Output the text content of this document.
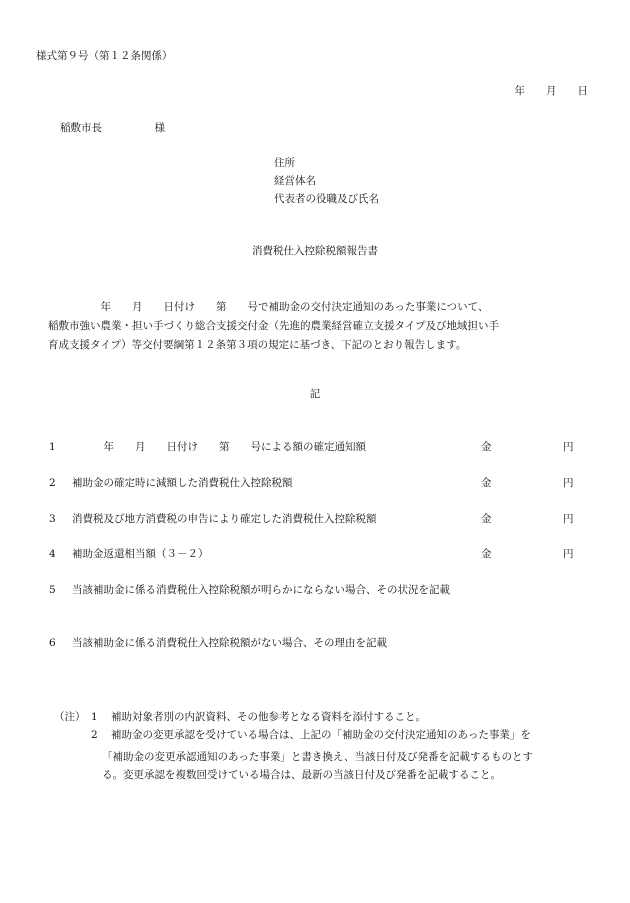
様式第９号（第１２条関係）
年　　月　　日
稲敷市長　　　　　様
住所
経営体名
代表者の役職及び氏名
消費税仕入控除税額報告書
　　　　　年　　月　　日付け　　第　　号で補助金の交付決定通知のあった事業について、
稲敷市強い農業・担い手づくり総合支援交付金（先進的農業経営確立支援タイプ及び地域担い手
育成支援タイプ）等交付要綱第１２条第３項の規定に基づき、下記のとおり報告します。
記
1 　　　年　　月　　日付け　　第　　号による額の確定通知額	金	円
2 補助金の確定時に減額した消費税仕入控除税額	金	円
3 消費税及び地方消費税の申告により確定した消費税仕入控除税額	金	円
4 補助金返還相当額（３－２）	金	円
5 当該補助金に係る消費税仕入控除税額が明らかにならない場合、その状況を記載
6 当該補助金に係る消費税仕入控除税額がない場合、その理由を記載
（注） 1 補助対象者別の内訳資料、その他参考となる資料を添付すること。
2 補助金の変更承認を受けている場合は、上記の「補助金の交付決定通知のあった事業」を
「補助金の変更承認通知のあった事業」と書き換え、当該日付及び発番を記載するものとす
る。変更承認を複数回受けている場合は、最新の当該日付及び発番を記載すること。
